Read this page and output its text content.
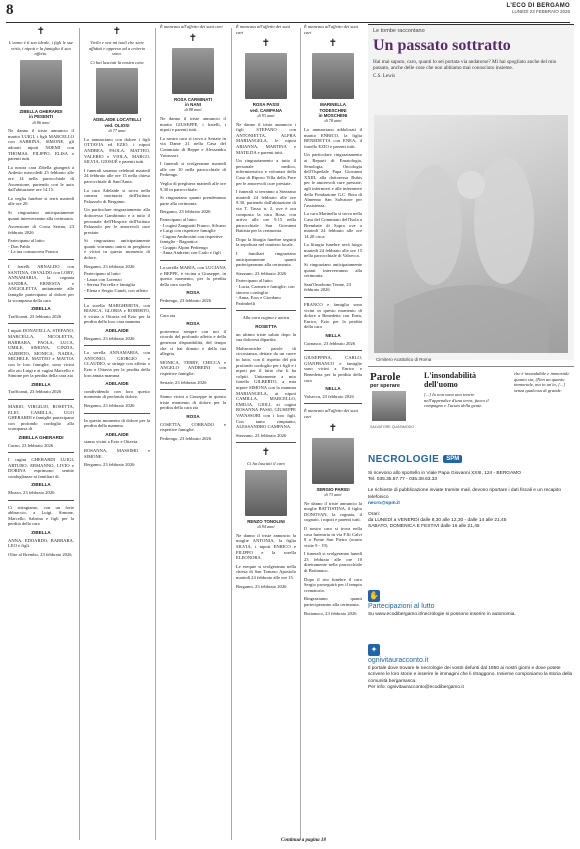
8	L'ECO DI BERGAMO
LUNEDÌ 23 FEBBRAIO 2026
✝

L'uomo è il suo ideale, i figli le sue virtù, i nipoti e la famiglia il suo affetto.

ZIBELLA GHERARDI
in PESENTI
di 86 anni

Ne danno il triste annuncio il marito LUIGI, i figli MARCELLO con SABRINA, SIMONE, gli adorati nipoti NOEMI con THOMAS, FILIPPO, ELISA e parenti tutti.

La nostra cara Zibella giungerà a Ardesio mercoledì 25 febbraio alle ore 14 nella parrocchiale di Ascensione, partendo con le auto dall'abitazione ore 14.15.

La veglia funebre si terrà martedì alle ore 20.

Si ringraziano anticipatamente quanti interverranno alla cerimonia.

Ascensione di Costa Serina, 23 febbraio 2026

Partecipano al lutto:

- Don Pablo

- La tua consuocera Franca

I fratelli ARNALDO con SANTINA, OSVALDO con LORY, ANNAMARIA, la cognata SANDRA, ERNESTA e ANGIOLETTA unitamente alle famiglie partecipano al dolore per la scomparsa della cara

ZIBELLA

Trafficanti, 23 febbraio 2026

I nipoti DONATELLA, STEFANO, MARCELLA, NICOLETTA, BARBARA, PAOLA, LUCA, UMILE, SIMONA, CINZIA, ALBERTO, MONICA, NADIA, MICHELE, MATTEO e MATTIA con le loro famiglie, sono vicini allo zio Luigi e ai cugini Marcello e Simone per la perdita della cara zia

ZIBELLA

Trafficanti, 23 febbraio 2026

MARIO, VIRGILIO, ROSETTA, ELIO, CAMILLA, UGO GHERARDI e famiglie partecipano con profondo cordoglio alla scomparsa di

ZIBELLA GHERARDI

Curno, 23 febbraio 2026

I cugini GHERARDI LUIGI, ARTURO, ERMANNO, LIVIO e DORINA esprimono sentite condoglianze ai familiari di

ZIBELLA

Mozzo, 23 febbraio 2026

Ci stringiamo, con un forte abbraccio, a Luigi, Simone, Marcello, Sabrina e figli per la perdita della cara

ZIBELLA

ANNA, EDOARDO, BARBARA, LEO e figli.

Oltre al Brembo, 23 febbraio 2026

✝

Vivilo e ora mi tuoli che siete affidati e appreso ad a criterio sono.

Ci hai lasciati la nostra cara

ADELAIDE LOCATELLI
ved. OLIOSI
di 77 anni

Lo annunciano con dolore i figli OTTAVIA ed EZIO, i nipoti ANDREA, PAOLA, MATTEO, VALERIO e VIOLA, MARCO, SILVIA, GIOSUÈ e parenti tutti.

I funerali saranno celebrati martedì 24 febbraio alle ore 15 nella chiesa parrocchiale di Sant'Anna.

La cara Adelaide si trova nella camera mortuaria dell'Istituto Palazzolo di Bergamo.

Un particolare ringraziamento alla dottoressa Gambinuto e a tutto il personale dell'Hospice dell'Istituto Palazzolo per le amorevoli cure prestate.

Si ringraziano anticipatamente quanti vorranno unirsi in preghiera e vicini in questo momento di dolore.

Bergamo, 23 febbraio 2026

Partecipano al lutto:

- Laura con Lorenzo

- Serena Forcella e famiglia

- Elena e Sergio Gandi, con affetto

La sorella MARGHERITA, con BIANCA, GLORIA e ROBERTO, è vicina a Ottavia ed Ezio per la perdita della loro cara mamma

ADELAIDE

Bergamo, 23 febbraio 2026

La sorella ANNAMARIA, con ANTONIO, GIORGIO e CLAUDIO, si stringe con affetto a Ezio e Ottavia per la perdita della loro amata mamma

ADELAIDE

condividendo con loro questo momento di profondo dolore.

Bergamo, 23 febbraio 2026

In questo momento di dolore per la perdita della mamma

ADELAIDE

siamo vicini a Ezio e Ottavia.

ROSANNA, MASSIMO e SIMONE.

Bergamo, 23 febbraio 2026

È mancata all'affetto dei suoi cari

✝
ROSA CARMINATI
in NANI
di 88 anni

Ne danno il triste annuncio il marito GIUSEPPE, i fratelli, i nipoti e parenti tutti.

La nostra cara si trova a Seriate in via Dante 21 nella Casa del Commiato di Beppe e Alessandro Vavassori.

I funerali si svolgeranno martedì alle ore 10 nella parrocchiale di Pedrengo.

Veglia di preghiera martedì alle ore 9,30 in parrocchiale.

Si ringraziano quanti prenderanno parte alla cerimonia.

Bergamo, 23 febbraio 2026

Partecipano al lutto:

- I cugini Zanguatti Franco, Silvano e Luigi con rispettive famiglie

- Cugina Ambrosini con rispettive famiglie - Bagnatica

- Gruppo Alpini Pedrengo

- Anna Andreini con Carlo e figli

La sorella MARIA, con LUCIANA e BEPPE, è vicina a Giuseppe, in questo momento, per la perdita della cara sorella

ROSA

Pedrengo, 23 febbraio 2026

Cara zia

ROSA

porteremo sempre con noi il ricordo del profondo affetto e della generosa disponibilità, del tempo che ci hai donato e della tua allegria.

MONICA, TERRY, CHICCA e ANGELO ANDREINI con rispettive famiglie.

Seriate, 23 febbraio 2026

Siamo vicini a Giuseppe in questo triste momento di dolore per la perdita della cara zia

ROSA

COSETTA, CORRADO e rispettive famiglie.

Pedrengo, 23 febbraio 2026

È mancata all'affetto dei suoi cari

✝
ROSA PASSI
ved. CAMPANA
di 93 anni

Ne danno il triste annuncio i figli STEFANO con ANTONIETTA, ALFRA MARIANGELA, le nipoti ARIANNA, MARTINA e MATILDA e parenti tutti.

Un ringraziamento a tutto il personale medico, infermieristico e volontari della Casa di Riposo Villa della Pace per le amorevoli cure prestate.

I funerali si terranno a Stezzano martedì 24 febbraio alle ore 9.30, partendo dall'abitazione di via T. Tasso n. 2, ove è ora composta la cara Rosa, con arrivo alle ore 9.15 nella parrocchiale San Giovanni Battista per la cerimonia.

Dopo la liturgia funebre seguirà la sepoltura nel cimitero locale.

I familiari ringraziano anticipatamente quanti parteciperanno alla cerimonia.

Stezzano, 23 febbraio 2026

Partecipano al lutto:

- Lucia, Carmen e famiglie, con sincero cordoglio

- Anna, Eros e Giordano Parimbelli

Alla cara cugina e amica

ROSETTA

un ultimo triste saluto dopo la sua dolorosa dipartita.

Malinconiche parole di circostanza, dettate da un cuore in lutto, con il rispetto del più profondo cordoglio per i figli e i nipoti per il lutto che li ha colpiti. Unitamente a mio fratello GILBERTO, a mia nipote SIMONA con la mamma MARIANGELA, ai nipoti CAMILLA, MARCELLO, EMILIA, GIOLI, ai cugini ROSANNA PASSI, GIUSEPPE VAVASSORI con i loro figli. Con tanto rimpianto, ALESSANDRO CAMPANA.

Stezzano, 23 febbraio 2026

✝

Ci ha lasciati il caro

RENZO TONOLINI
di 94 anni

Ne danno il triste annuncio la moglie ANTONIA, la figlia SILVIA, i nipoti ENRICO e FILIPPO e la sorella ELEONORA.

Le esequie si svolgeranno nella chiesa di San Tomaso Apostolo martedì 24 febbraio alle ore 15.

Bergamo, 23 febbraio 2026

È mancata all'affetto dei suoi cari

✝
MARINELLA
TODESCHINI
in MOSCHENI
di 78 anni

Lo annunciano addolorati il marito ENRICO, la figlia BENEDETTA con ENEA, il fratello EZIO e parenti tutti.

Un particolare ringraziamento ai Reparti di Ematologia, Senologia, Oncologia dell'Ospedale Papa Giovanni XXIII, alla dottoressa Rubis per le amorevoli cure prestate, agli infermieri e alle infermiere della Fondazione G.C. Rota di Almenno San Salvatore per l'assistenza.

La cara Marinella si trova nella Casa del Commiato dell'Isola a Brembate di Sopra ove a martedì 24 febbraio alle ore 14.20 circa.

La liturgia funebre avrà luogo martedì 24 febbraio alle ore 15 nella parrocchiale di Valsecca.

Si ringraziano anticipatamente quanti interverranno alla cerimonia.

Sant'Omobono Terme, 23 febbraio 2026

FRANCO e famiglia sono vicini in questo momento di dolore a Benedetta con Enea, Enrico, Ezio per la perdita della cara

NELLA

Curnasco, 23 febbraio 2026

GIUSEPPINA, CARLO, GIANFRANCO e famiglie sono vicini a Enrico e Benedetta per la perdita della cara

NELLA

Valsecca, 23 febbraio 2026

È mancato all'affetto dei suoi cari

✝
SERGIO PARIGI
di 73 anni

Ne danno il triste annuncio la moglie BATTISTINA, il figlio DONOVAN, la cognata, il cognato, i nipoti e parenti tutti.

Il nostro caro si trova nella casa funeraria in via F.lli Calvi 8 a Ponte San Pietro (orario visite 9 - 19).

I funerali si svolgeranno lunedì 23 febbraio alle ore 10 direttamente nella parrocchiale di Bottanuco.

Dopo il rito funebre il caro Sergio proseguirà per il tempio crematorio.

Ringraziamo quanti parteciperanno alla cerimonia.

Bottanuco, 23 febbraio 2026

Continua a pagina 18
Le tombe raccontano
Un passato sottratto
Hai mai saputo, caro, quanti lo sei portata via andatorse? Mi hai spogliato anche del mio passato, anche delle cose che non abbiamo mai conosciuto insieme.
C.S. Lewis
Cimitero Acattolico di Roma
Parole
per sperare
SALVATORE QUASIMODO
L'insondabilità dell'uomo
[...] Io non sono uno tenere nell'appendice d'una terra, fuoco il compagno e l'acuto della gente.
che è insondabile e immortale quanto sia, (Non un quanto immortale, ma in un'io, [...] senza qualcosa di grande.
NECROLOGIE SPM
Si ricevono allo sportello in Viale Papa Giovanni XXIII, 124 - BERGAMO
Tel. 035.35.87.77 - 035.38.63.33
Le richieste di pubblicazione inviate tramite mail, devono riportare i dati fiscali e un recapito telefonico
necro@spm.it
Orari:
da LUNEDÌ a VENERDÌ dalle 8,30 alle 12,30 - dalle 14 alle 21,45
SABATO, DOMENICA E FESTIVI dalle 16 alle 21,45
✋
Partecipazioni al lutto
Su www.ecodibergamo.it/necrologie si possono inserire in autonomia.
✦
ognivitauracconto.it
Il portale dove trovare le necrologie dei vostri defunti dal 1950 ai nostri giorni e dove potete scrivere le loro storie e inserire le immagini che li ritraggono. Insieme componiamo la storia della comunità bergamasca.
Per info: ognivitauracconto@ecodibergamo.it
